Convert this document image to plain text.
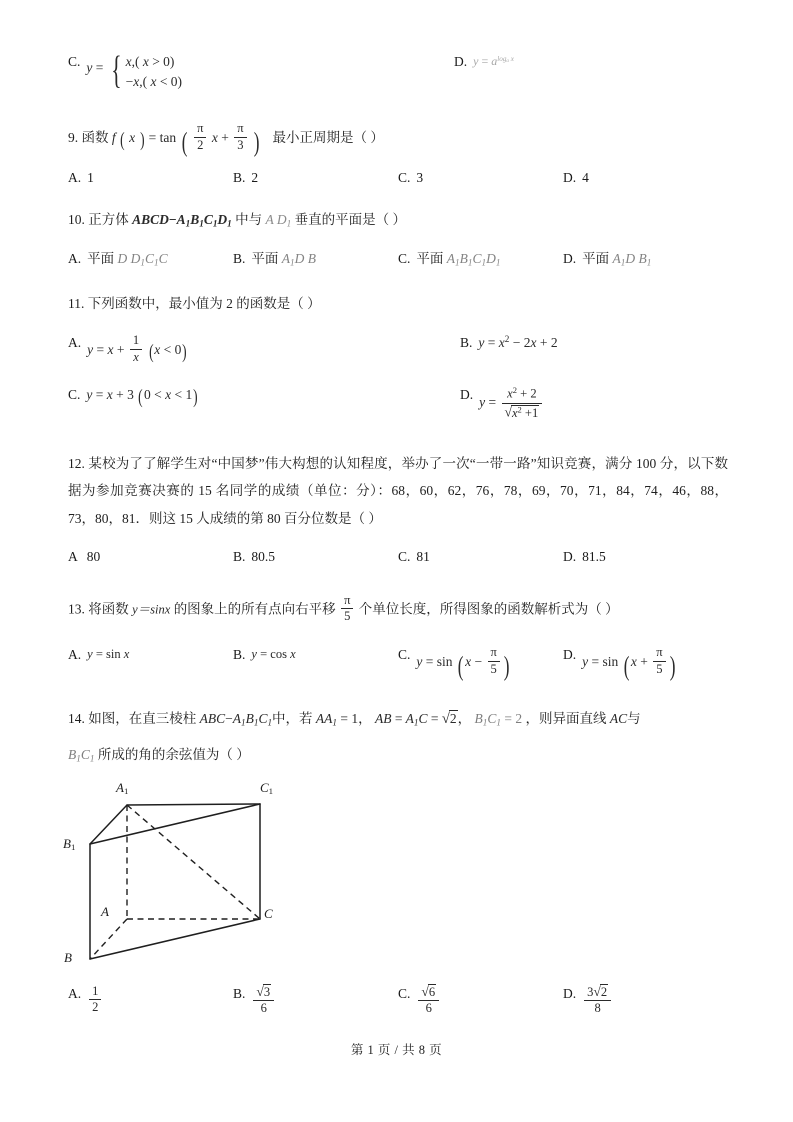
C. y = { x,( x > 0)
−x,( x < 0)
D. $y = a^{loga x}$
9. 函数 f ( x ) = tan ( $\frac{\pi}{2}$ $x + \frac{\pi}{3}$ ) 最小正周期是（ ）
A. 1	B. 2	C. 3	D. 4
10. 正方体 $ABCD-A_1B_1C_1D_1$ 中与 A $D_1$ 垂直的平面是（ ）
A. 平面 D $D_1C_1C$	B. 平面 $A_1D$ B	C. 平面 $A_1B_1C_1D_1$	D. 平面 $A_1D$ $B_1$
11. 下列函数中，最小值为 2 的函数是（ ）
A. $y = x + \frac{1}{x} (x < 0)$	B. $y = x^2 - 2x + 2$
C. y = x + 3 (0 < x < 1)	D. $y = \frac{x^2 + 2}{√x^2 +1}$
12. 某校为了了解学生对“中国梦”伟大构想的认知程度，举办了一次“一带一路”知识竞赛，满分 100 分，以下数据为参加竞赛决赛的 15 名同学的成绩（单位：分）：68，60，62，76，78，69，70，71，84，74，46，88，73，80，81．则这 15 人成绩的第 80 百分位数是（ ）
A 80	B. 80.5	C. 81	D. 81.5
13. 将函数 y＝sinx 的图象上的所有点向右平移 $\frac{\pi}{5}$ 个单位长度，所得图象的函数解析式为（ ）
A. y = sin x	B. y = cos x	C. y = sin ( $x - \frac{\pi}{5}$ )	D. y = sin ( $x + \frac{\pi}{5}$ )
14. 如图，在直三棱柱 $ABC-A_1B_1C_1$中，若 $AA_1 = 1$， AB = $A_1C = √2$， $B_1C_1 = 2$ ，则异面直线 AC与
$B_1C_1$ 所成的角的余弦值为（ ）
A1	C1
B1
A	C
B
A. $\frac{1}{2}$	B. $\frac{√3}{6}$	C. $\frac{√6}{6}$	D. $\frac{3√2}{8}$
第 1 页 / 共 8 页
